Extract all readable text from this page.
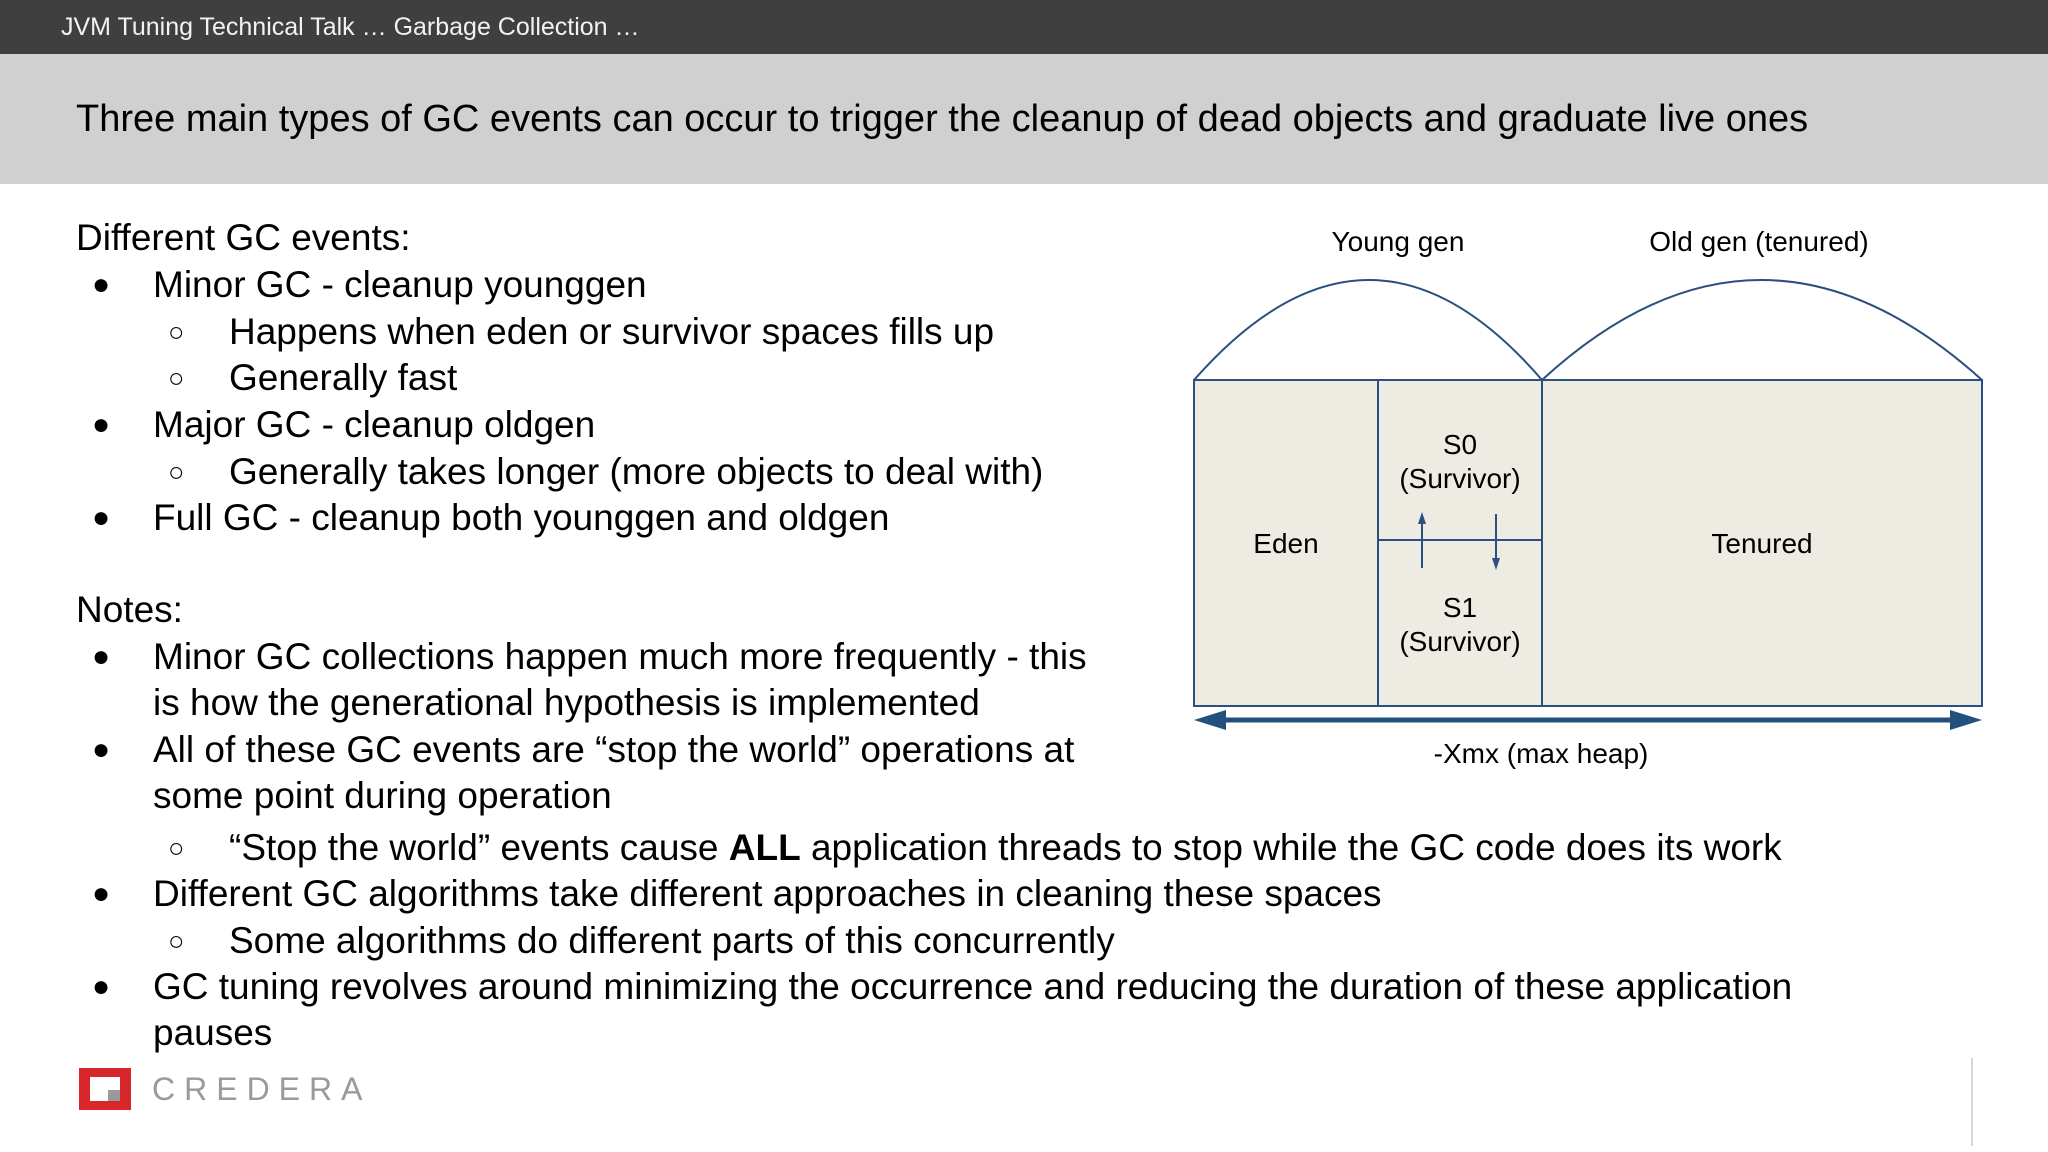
JVM Tuning Technical Talk … Garbage Collection …
Three main types of GC events can occur to trigger the cleanup of dead objects and graduate live ones
Different GC events:
● Minor GC - cleanup younggen
○ Happens when eden or survivor spaces fills up
○ Generally fast
● Major GC - cleanup oldgen
○ Generally takes longer (more objects to deal with)
● Full GC - cleanup both younggen and oldgen
Notes:
● Minor GC collections happen much more frequently - this
is how the generational hypothesis is implemented
● All of these GC events are “stop the world” operations at
some point during operation
○ “Stop the world” events cause ALL application threads to stop while the GC code does its work
● Different GC algorithms take different approaches in cleaning these spaces
○ Some algorithms do different parts of this concurrently
● GC tuning revolves around minimizing the occurrence and reducing the duration of these application
pauses
Young gen	Old gen (tenured)
Eden
S0
(Survivor)
S1
(Survivor)
Tenured
-Xmx (max heap)
CREDERA
